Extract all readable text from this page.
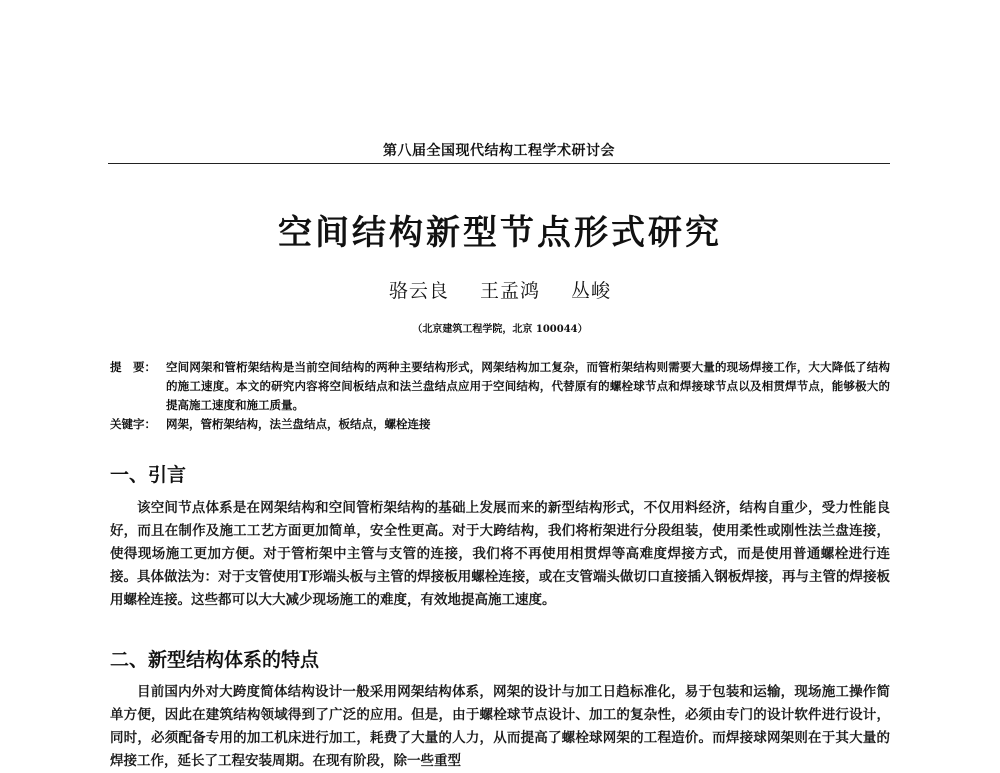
第八届全国现代结构工程学术研讨会
空间结构新型节点形式研究
骆云良 王孟鸿 丛峻
（北京建筑工程学院，北京 100044）
提　要： 空间网架和管桁架结构是当前空间结构的两种主要结构形式，网架结构加工复杂，而管桁架结构则需要大量的现场焊接工作，大大降低了结构的施工速度。本文的研究内容将空间板结点和法兰盘结点应用于空间结构，代替原有的螺栓球节点和焊接球节点以及相贯焊节点，能够极大的提高施工速度和施工质量。
关键字： 网架，管桁架结构，法兰盘结点，板结点，螺栓连接
一、引言

该空间节点体系是在网架结构和空间管桁架结构的基础上发展而来的新型结构形式，不仅用料经济，结构自重少，受力性能良好，而且在制作及施工工艺方面更加简单，安全性更高。对于大跨结构，我们将桁架进行分段组装，使用柔性或刚性法兰盘连接，使得现场施工更加方便。对于管桁架中主管与支管的连接，我们将不再使用相贯焊等高难度焊接方式，而是使用普通螺栓进行连接。具体做法为：对于支管使用T形端头板与主管的焊接板用螺栓连接，或在支管端头做切口直接插入钢板焊接，再与主管的焊接板用螺栓连接。这些都可以大大减少现场施工的难度，有效地提高施工速度。

二、新型结构体系的特点

目前国内外对大跨度简体结构设计一般采用网架结构体系，网架的设计与加工日趋标准化，易于包装和运输，现场施工操作简单方便，因此在建筑结构领域得到了广泛的应用。但是，由于螺栓球节点设计、加工的复杂性，必须由专门的设计软件进行设计，同时，必须配备专用的加工机床进行加工，耗费了大量的人力，从而提高了螺栓球网架的工程造价。而焊接球网架则在于其大量的焊接工作，延长了工程安装周期。在现有阶段，除一些重型
